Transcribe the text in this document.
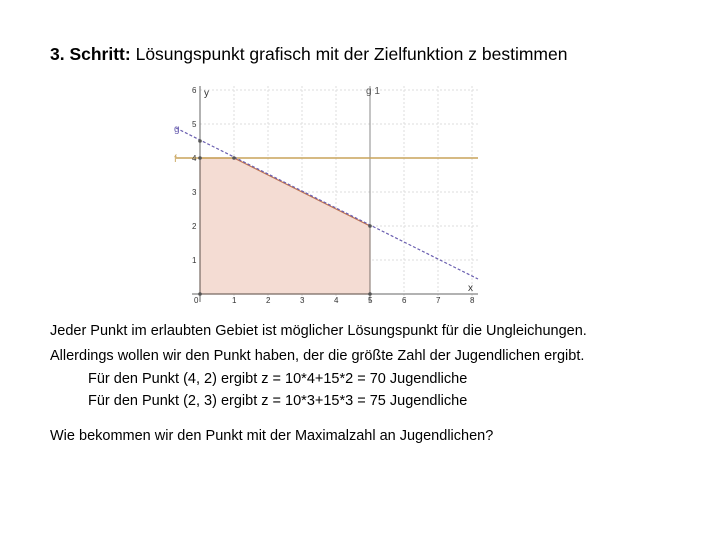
3. Schritt: Lösungspunkt grafisch mit der Zielfunktion z bestimmen
0	1	2	3	4	5	6	7	8
1
2
3
4
5
6 y
x
g 1
g
f
Jeder Punkt im erlaubten Gebiet ist möglicher Lösungspunkt für die Ungleichungen.
Allerdings wollen wir den Punkt haben, der die größte Zahl der Jugendlichen ergibt.
Für den Punkt (4, 2) ergibt z = 10*4+15*2 = 70 Jugendliche
Für den Punkt (2, 3) ergibt z = 10*3+15*3 = 75 Jugendliche
Wie bekommen wir den Punkt mit der Maximalzahl an Jugendlichen?
